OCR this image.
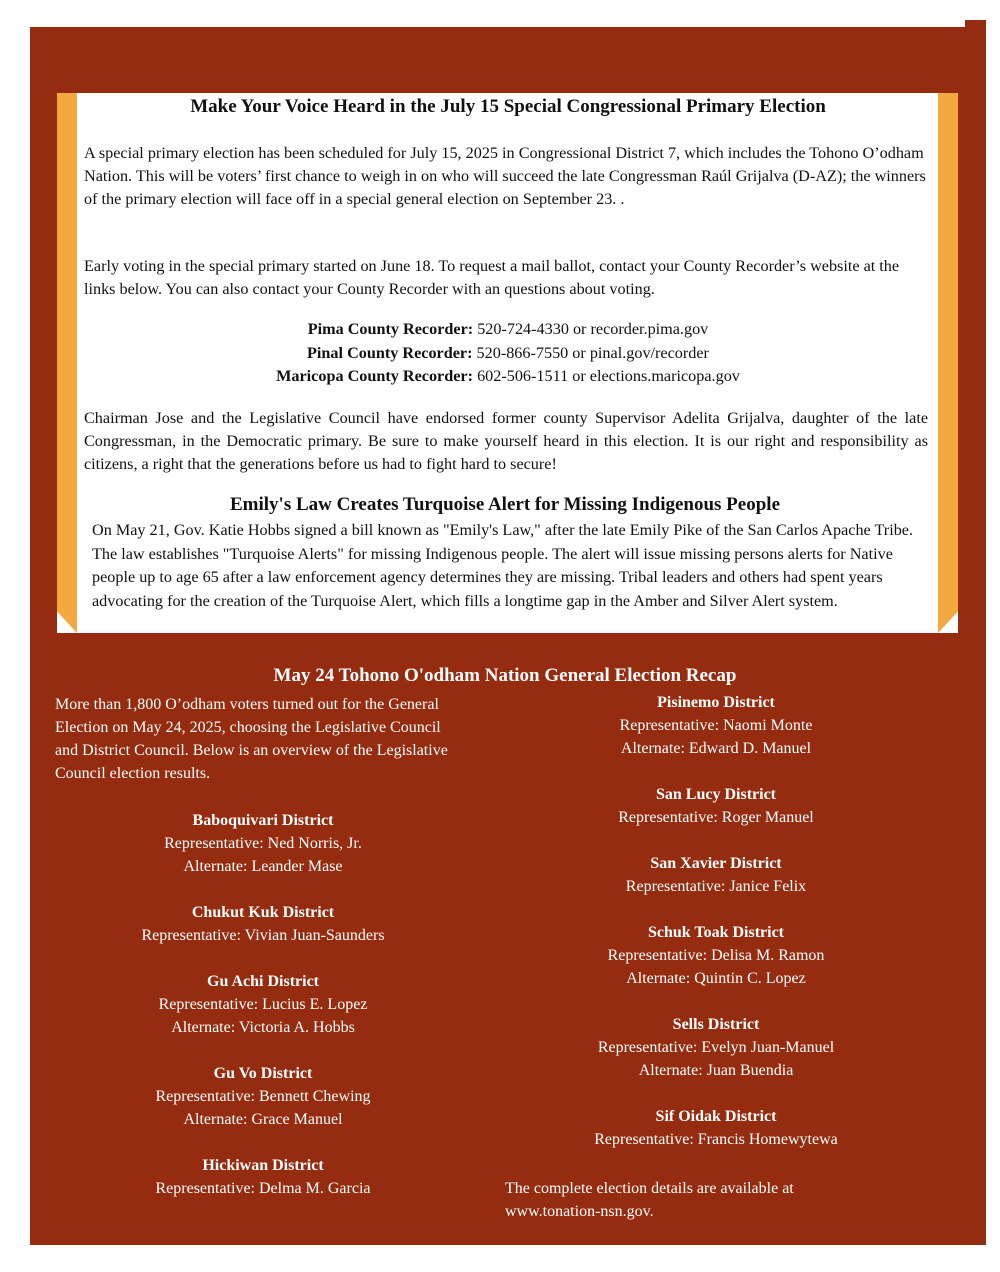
Make Your Voice Heard in the July 15 Special Congressional Primary Election

A special primary election has been scheduled for July 15, 2025 in Congressional District 7, which includes the Tohono O’odham Nation. This will be voters’ first chance to weigh in on who will succeed the late Congressman Raúl Grijalva (D-AZ); the winners of the primary election will face off in a special general election on September 23. .

Early voting in the special primary started on June 18. To request a mail ballot, contact your County Recorder’s website at the links below. You can also contact your County Recorder with an questions about voting.

Pima County Recorder: 520-724-4330 or recorder.pima.gov
Pinal County Recorder: 520-866-7550 or pinal.gov/recorder
Maricopa County Recorder: 602-506-1511 or elections.maricopa.gov

Chairman Jose and the Legislative Council have endorsed former county Supervisor Adelita Grijalva, daughter of the late Congressman, in the Democratic primary. Be sure to make yourself heard in this election. It is our right and responsibility as citizens, a right that the generations before us had to fight hard to secure!

Emily's Law Creates Turquoise Alert for Missing Indigenous People

On May 21, Gov. Katie Hobbs signed a bill known as "Emily's Law," after the late Emily Pike of the San Carlos Apache Tribe. The law establishes "Turquoise Alerts" for missing Indigenous people. The alert will issue missing persons alerts for Native people up to age 65 after a law enforcement agency determines they are missing. Tribal leaders and others had spent years advocating for the creation of the Turquoise Alert, which fills a longtime gap in the Amber and Silver Alert system.

May 24 Tohono O'odham Nation General Election Recap

More than 1,800 O’odham voters turned out for the General Election on May 24, 2025, choosing the Legislative Council and District Council. Below is an overview of the Legislative Council election results.

Baboquivari District
Representative: Ned Norris, Jr.
Alternate: Leander Mase
Chukut Kuk District
Representative: Vivian Juan-Saunders
Gu Achi District
Representative: Lucius E. Lopez
Alternate: Victoria A. Hobbs
Gu Vo District
Representative: Bennett Chewing
Alternate: Grace Manuel
Hickiwan District
Representative: Delma M. Garcia
Pisinemo District
Representative: Naomi Monte
Alternate: Edward D. Manuel
San Lucy District
Representative: Roger Manuel
San Xavier District
Representative: Janice Felix
Schuk Toak District
Representative: Delisa M. Ramon
Alternate: Quintin C. Lopez
Sells District
Representative: Evelyn Juan-Manuel
Alternate: Juan Buendia
Sif Oidak District
Representative: Francis Homewytewa

The complete election details are available at www.tonation-nsn.gov.
